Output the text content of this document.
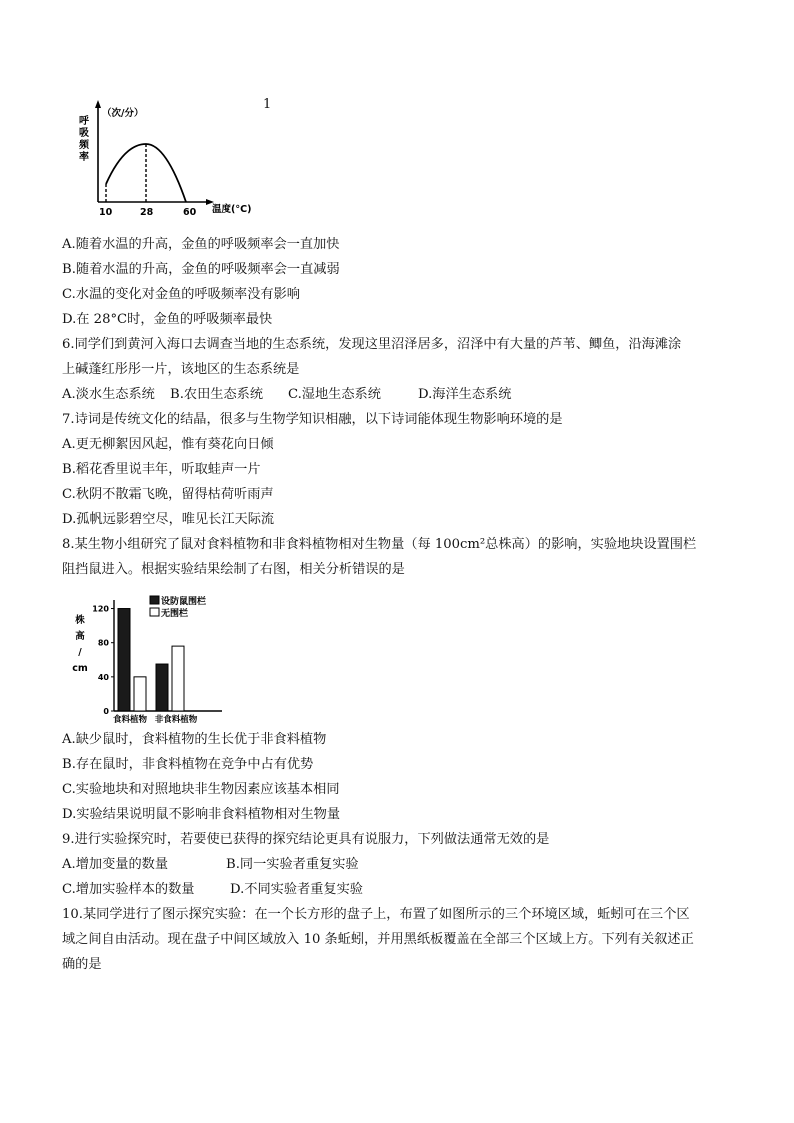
1
（次/分）
呼
吸
频
率
10	28	60 温度(°C)
A.随着水温的升高，金鱼的呼吸频率会一直加快
B.随着水温的升高，金鱼的呼吸频率会一直减弱
C.水温的变化对金鱼的呼吸频率没有影响
D.在 28°C时，金鱼的呼吸频率最快
6.同学们到黄河入海口去调查当地的生态系统，发现这里沼泽居多，沼泽中有大量的芦苇、鲫鱼，沿海滩涂
上碱蓬红彤彤一片，该地区的生态系统是
A.淡水生态系统 B.农田生态系统 C.湿地生态系统	D.海洋生态系统
7.诗词是传统文化的结晶，很多与生物学知识相融，以下诗词能体现生物影响环境的是
A.更无柳絮因风起，惟有葵花向日倾
B.稻花香里说丰年，听取蛙声一片
C.秋阴不散霜飞晚，留得枯荷听雨声
D.孤帆远影碧空尽，唯见长江天际流
8.某生物小组研究了鼠对食料植物和非食料植物相对生物量（每 100cm²总株高）的影响，实验地块设置围栏
阻挡鼠进入。根据实验结果绘制了右图，相关分析错误的是
0
40
80
120
株
高
/
cm
食料植物 非食料植物
设防鼠围栏
无围栏
A.缺少鼠时，食料植物的生长优于非食料植物
B.存在鼠时，非食料植物在竞争中占有优势
C.实验地块和对照地块非生物因素应该基本相同
D.实验结果说明鼠不影响非食料植物相对生物量
9.进行实验探究时，若要使已获得的探究结论更具有说服力，下列做法通常无效的是
A.增加变量的数量	B.同一实验者重复实验
C.增加实验样本的数量	D.不同实验者重复实验
10.某同学进行了图示探究实验：在一个长方形的盘子上，布置了如图所示的三个环境区域，蚯蚓可在三个区
域之间自由活动。现在盘子中间区域放入 10 条蚯蚓，并用黑纸板覆盖在全部三个区域上方。下列有关叙述正
确的是
